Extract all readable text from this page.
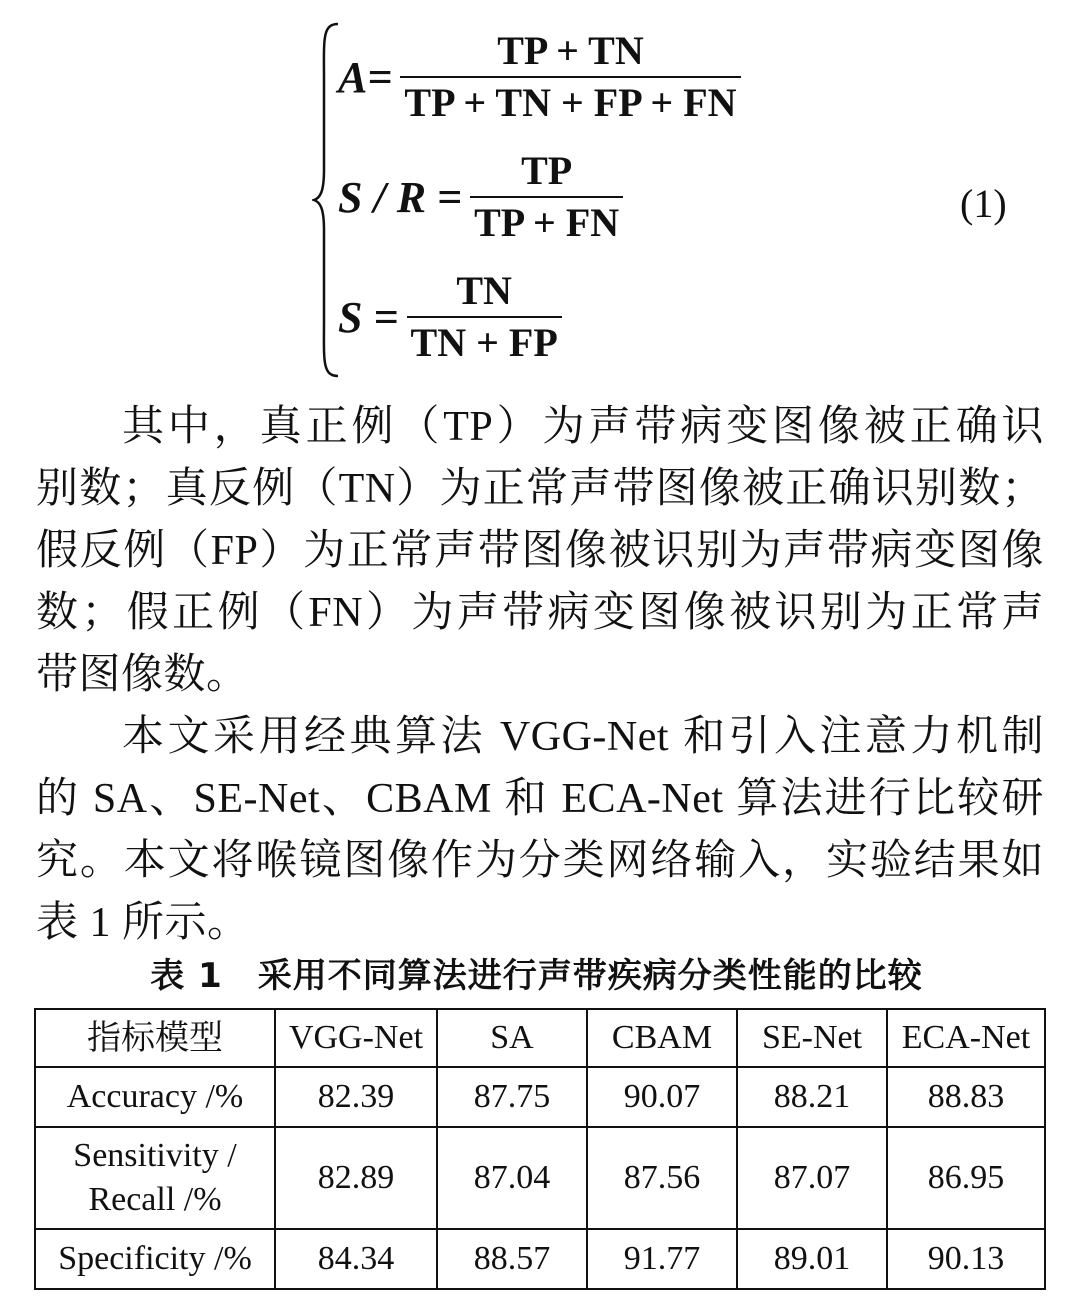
$A= \frac{TP + TN}{TP + TN + FP + FN}$
$S / R = \frac{TP}{TP + FN}$
$S = \frac{TN}{TN + FP}$
(1)
其中，真正例（TP）为声带病变图像被正确识
别数；真反例（TN）为正常声带图像被正确识别数；
假反例（FP）为正常声带图像被识别为声带病变图像
数；假正例（FN）为声带病变图像被识别为正常声
带图像数。
本文采用经典算法 VGG-Net 和引入注意力机制
的 SA、SE-Net、CBAM 和 ECA-Net 算法进行比较研
究。本文将喉镜图像作为分类网络输入，实验结果如
表 1 所示。
表 1　采用不同算法进行声带疾病分类性能的比较
指标模型	VGG-Net	SA	CBAM	SE-Net	ECA-Net
Accuracy /%	82.39	87.75	90.07	88.21	88.83

Sensitivity /
Recall /%	82.89	87.04	87.56	87.07	86.95
Specificity /%	84.34	88.57	91.77	89.01	90.13
